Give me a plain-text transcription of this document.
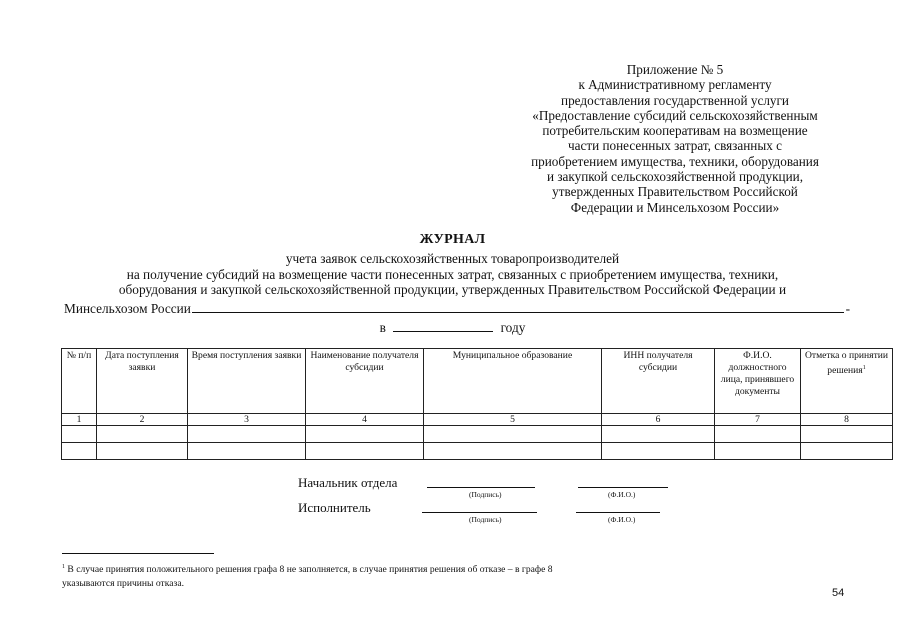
Приложение № 5
к Административному регламенту
предоставления государственной услуги
«Предоставление субсидий сельскохозяйственным
потребительским кооперативам на возмещение
части понесенных затрат, связанных с
приобретением имущества, техники, оборудования
и закупкой сельскохозяйственной продукции,
утвержденных Правительством Российской
Федерации и Минсельхозом России»
ЖУРНАЛ
учета заявок сельскохозяйственных товаропроизводителей
на получение субсидий на возмещение части понесенных затрат, связанных с приобретением имущества, техники,
оборудования и закупкой сельскохозяйственной продукции, утвержденных Правительством Российской Федерации и
Минсельхозом России	-
в	году
№ п/п	Дата поступления заявки	Время поступления заявки	Наименование получателя субсидии	Муниципальное образование	ИНН получателя субсидии	Ф.И.О. должностного лица, принявшего документы	Отметка о принятии решения$^1$
1	2	3	4	5	6	7	8

Начальник отдела
(Подпись)	(Ф.И.О.)
Исполнитель
(Подпись)	(Ф.И.О.)
$^1$ В случае принятия положительного решения графа 8 не заполняется, в случае принятия решения об отказе – в графе 8
указываются причины отказа.
54
